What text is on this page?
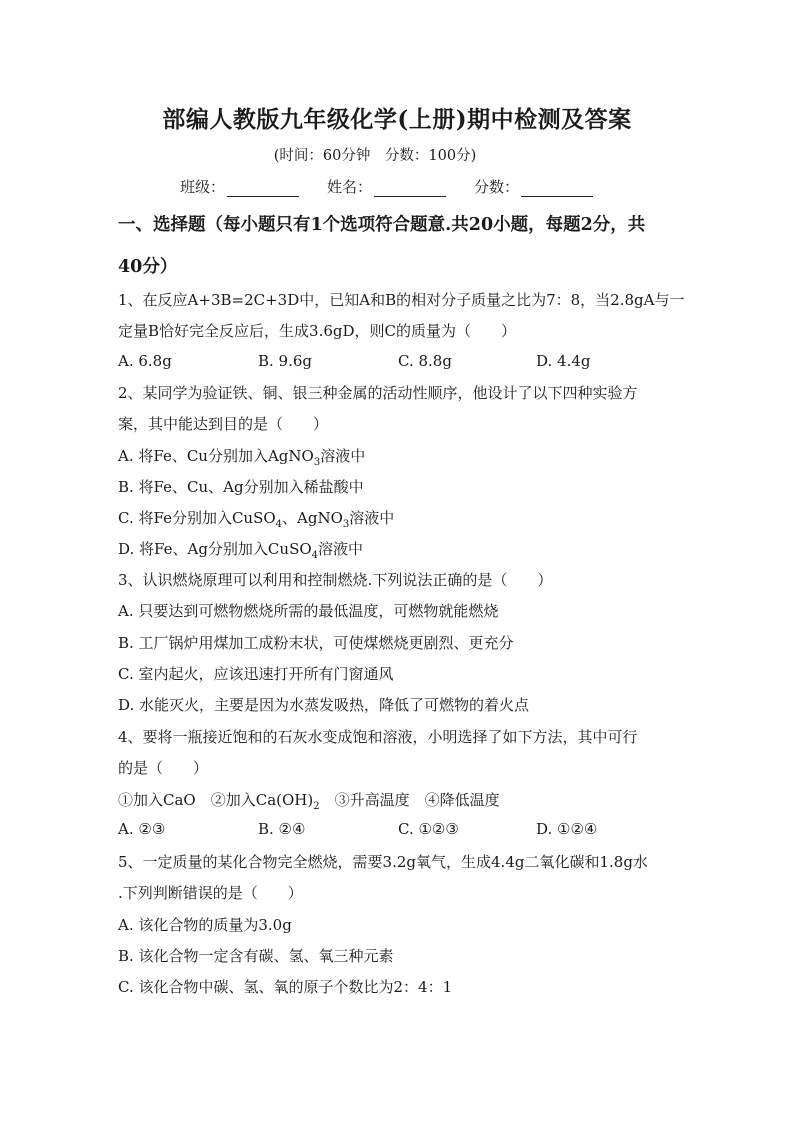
部编人教版九年级化学(上册)期中检测及答案
(时间：60分钟 分数：100分)
班级：	姓名：	分数：
一、选择题（每小题只有1个选项符合题意.共20小题，每题2分，共
40分）
1、在反应A+3B=2C+3D中，已知A和B的相对分子质量之比为7：8，当2.8gA与一
定量B恰好完全反应后，生成3.6gD，则C的质量为（　　）
A. 6.8g	B. 9.6g	C. 8.8g	D. 4.4g
2、某同学为验证铁、铜、银三种金属的活动性顺序，他设计了以下四种实验方
案，其中能达到目的是（　　）
A. 将Fe、Cu分别加入AgNO$_3$溶液中
B. 将Fe、Cu、Ag分别加入稀盐酸中
C. 将Fe分别加入CuSO$_4$、AgNO$_3$溶液中
D. 将Fe、Ag分别加入CuSO$_4$溶液中
3、认识燃烧原理可以利用和控制燃烧.下列说法正确的是（　　）
A. 只要达到可燃物燃烧所需的最低温度，可燃物就能燃烧
B. 工厂锅炉用煤加工成粉末状，可使煤燃烧更剧烈、更充分
C. 室内起火，应该迅速打开所有门窗通风
D. 水能灭火，主要是因为水蒸发吸热，降低了可燃物的着火点
4、要将一瓶接近饱和的石灰水变成饱和溶液，小明选择了如下方法，其中可行
的是（　　）
①加入CaO　②加入$Ca(OH)_2$　③升高温度　④降低温度
A. ②③	B. ②④	C. ①②③	D. ①②④
5、一定质量的某化合物完全燃烧，需要3.2g氧气，生成4.4g二氧化碳和1.8g水
.下列判断错误的是（　　）
A. 该化合物的质量为3.0g
B. 该化合物一定含有碳、氢、氧三种元素
C. 该化合物中碳、氢、氧的原子个数比为2：4：1
